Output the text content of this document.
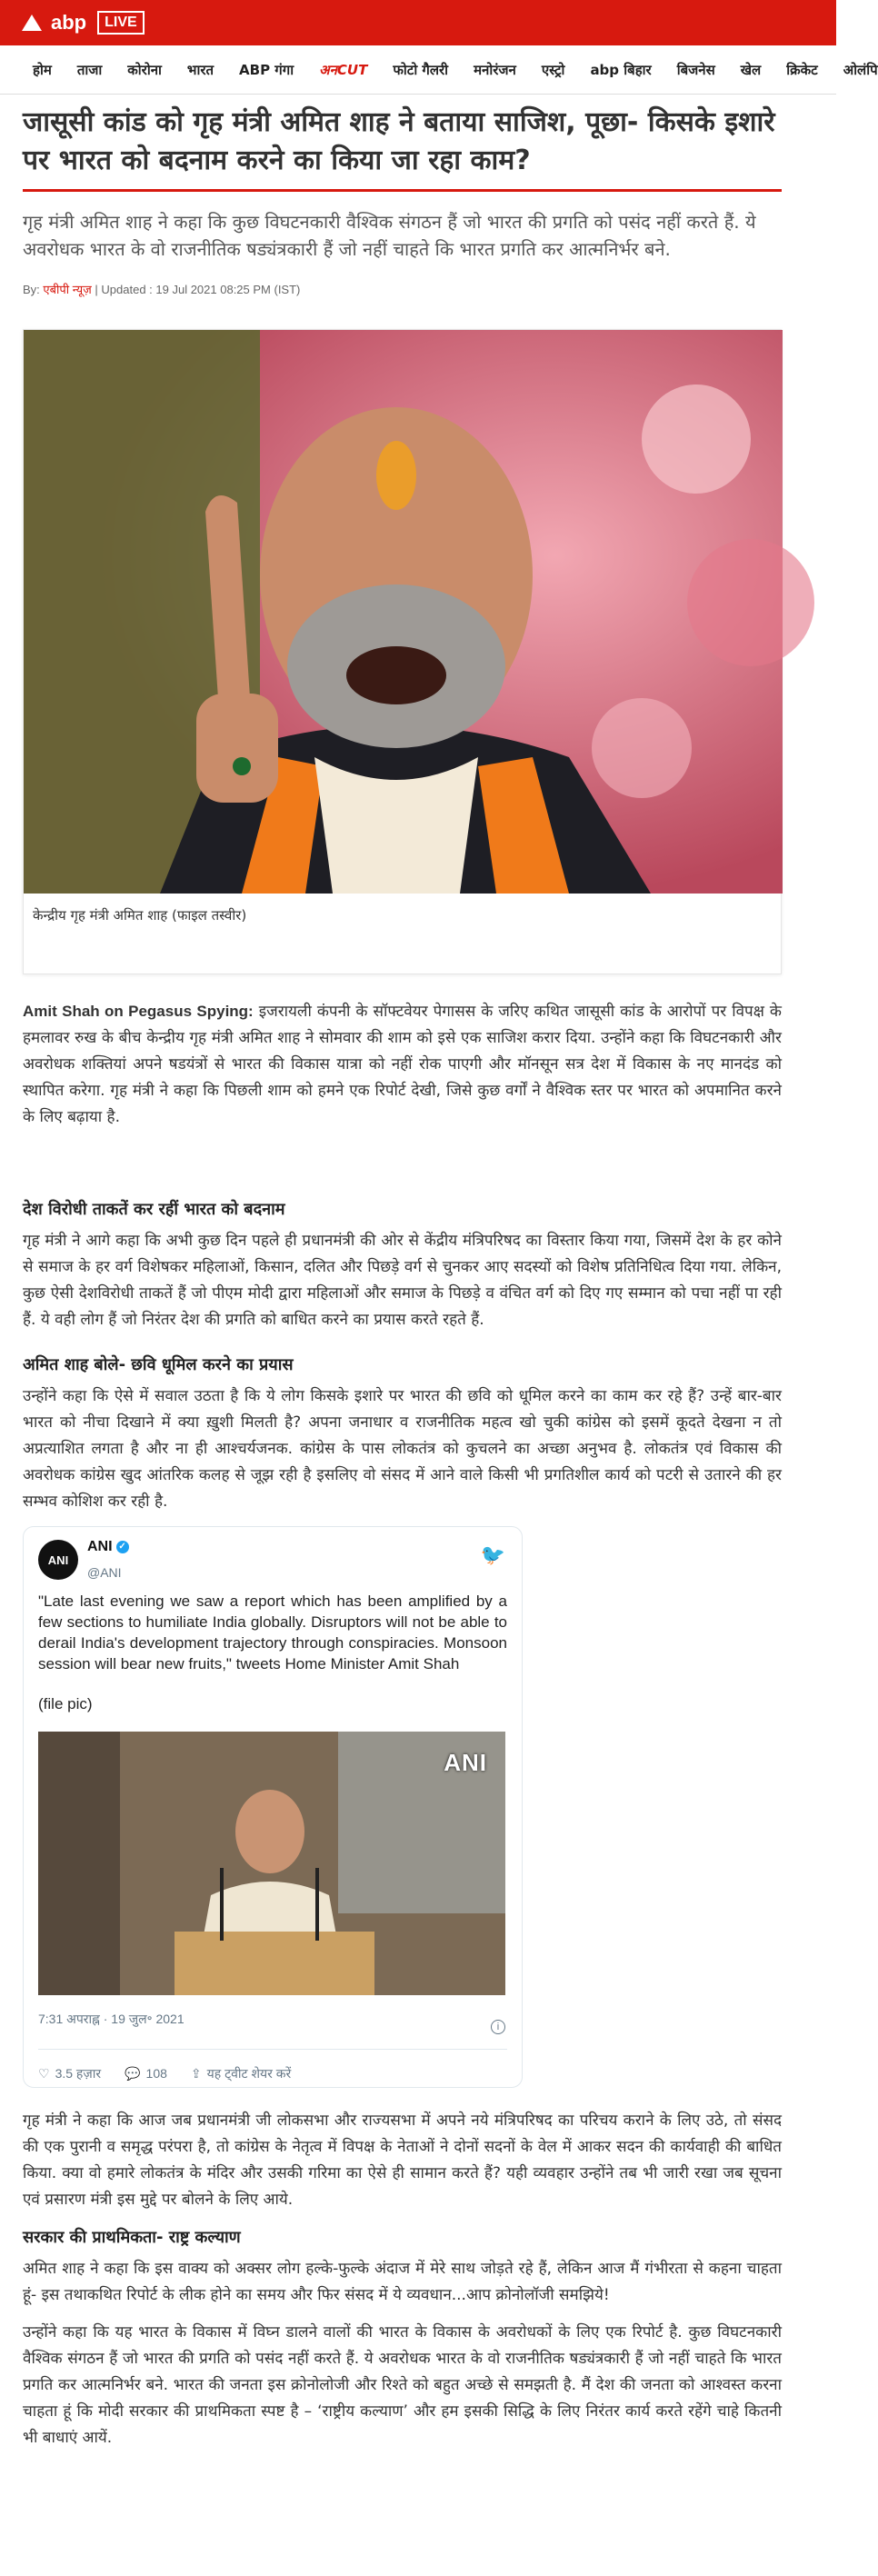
abp	LIVE
होम ताजा कोरोना भारत ABP गंगा अनCUT फोटो गैलरी मनोरंजन एस्ट्रो abp बिहार बिजनेस खेल क्रिकेट ओलंपि
जासूसी कांड को गृह मंत्री अमित शाह ने बताया साजिश, पूछा- किसके इशारे पर भारत को बदनाम करने का किया जा रहा काम?

गृह मंत्री अमित शाह ने कहा कि कुछ विघटनकारी वैश्विक संगठन हैं जो भारत की प्रगति को पसंद नहीं करते हैं. ये अवरोधक भारत के वो राजनीतिक षड्यंत्रकारी हैं जो नहीं चाहते कि भारत प्रगति कर आत्मनिर्भर बने.

By: एबीपी न्यूज़ | Updated : 19 Jul 2021 08:25 PM (IST)
केन्द्रीय गृह मंत्री अमित शाह (फाइल तस्वीर)

Amit Shah on Pegasus Spying: इजरायली कंपनी के सॉफ्टवेयर पेगासस के जरिए कथित जासूसी कांड के आरोपों पर विपक्ष के हमलावर रुख के बीच केन्द्रीय गृह मंत्री अमित शाह ने सोमवार की शाम को इसे एक साजिश करार दिया. उन्होंने कहा कि विघटनकारी और अवरोधक शक्तियां अपने षडयंत्रों से भारत की विकास यात्रा को नहीं रोक पाएगी और मॉनसून सत्र देश में विकास के नए मानदंड को स्थापित करेगा. गृह मंत्री ने कहा कि पिछली शाम को हमने एक रिपोर्ट देखी, जिसे कुछ वर्गों ने वैश्विक स्तर पर भारत को अपमानित करने के लिए बढ़ाया है.

देश विरोधी ताकतें कर रहीं भारत को बदनाम

गृह मंत्री ने आगे कहा कि अभी कुछ दिन पहले ही प्रधानमंत्री की ओर से केंद्रीय मंत्रिपरिषद का विस्तार किया गया, जिसमें देश के हर कोने से समाज के हर वर्ग विशेषकर महिलाओं, किसान, दलित और पिछड़े वर्ग से चुनकर आए सदस्यों को विशेष प्रतिनिधित्व दिया गया. लेकिन, कुछ ऐसी देशविरोधी ताकतें हैं जो पीएम मोदी द्वारा महिलाओं और समाज के पिछड़े व वंचित वर्ग को दिए गए सम्मान को पचा नहीं पा रही हैं. ये वही लोग हैं जो निरंतर देश की प्रगति को बाधित करने का प्रयास करते रहते हैं.

अमित शाह बोले- छवि धूमिल करने का प्रयास

उन्होंने कहा कि ऐसे में सवाल उठता है कि ये लोग किसके इशारे पर भारत की छवि को धूमिल करने का काम कर रहे हैं? उन्हें बार-बार भारत को नीचा दिखाने में क्या ख़ुशी मिलती है? अपना जनाधार व राजनीतिक महत्व खो चुकी कांग्रेस को इसमें कूदते देखना न तो अप्रत्याशित लगता है और ना ही आश्चर्यजनक. कांग्रेस के पास लोकतंत्र को कुचलने का अच्छा अनुभव है. लोकतंत्र एवं विकास की अवरोधक कांग्रेस खुद आंतरिक कलह से जूझ रही है इसलिए वो संसद में आने वाले किसी भी प्रगतिशील कार्य को पटरी से उतारने की हर सम्भव कोशिश कर रही है.

ANI
ANI ✓
@ANI
🐦
"Late last evening we saw a report which has been amplified by a few sections to humiliate India globally. Disruptors will not be able to derail India's development trajectory through conspiracies. Monsoon session will bear new fruits," tweets Home Minister Amit Shah
(file pic)
ANI
7:31 अपराह्न · 19 जुल॰ 2021
i
♡ 3.5 हज़ार 💬 108 ⇪ यह ट्वीट शेयर करें

गृह मंत्री ने कहा कि आज जब प्रधानमंत्री जी लोकसभा और राज्यसभा में अपने नये मंत्रिपरिषद का परिचय कराने के लिए उठे, तो संसद की एक पुरानी व समृद्ध परंपरा है, तो कांग्रेस के नेतृत्व में विपक्ष के नेताओं ने दोनों सदनों के वेल में आकर सदन की कार्यवाही की बाधित किया. क्या वो हमारे लोकतंत्र के मंदिर और उसकी गरिमा का ऐसे ही सामान करते हैं? यही व्यवहार उन्होंने तब भी जारी रखा जब सूचना एवं प्रसारण मंत्री इस मुद्दे पर बोलने के लिए आये.

सरकार की प्राथमिकता- राष्ट्र कल्याण

अमित शाह ने कहा कि इस वाक्य को अक्सर लोग हल्के-फुल्के अंदाज में मेरे साथ जोड़ते रहे हैं, लेकिन आज मैं गंभीरता से कहना चाहता हूं- इस तथाकथित रिपोर्ट के लीक होने का समय और फिर संसद में ये व्यवधान...आप क्रोनोलॉजी समझिये!

उन्होंने कहा कि यह भारत के विकास में विघ्न डालने वालों की भारत के विकास के अवरोधकों के लिए एक रिपोर्ट है. कुछ विघटनकारी वैश्विक संगठन हैं जो भारत की प्रगति को पसंद नहीं करते हैं. ये अवरोधक भारत के वो राजनीतिक षड्यंत्रकारी हैं जो नहीं चाहते कि भारत प्रगति कर आत्मनिर्भर बने. भारत की जनता इस क्रोनोलोजी और रिश्ते को बहुत अच्छे से समझती है. मैं देश की जनता को आश्वस्त करना चाहता हूं कि मोदी सरकार की प्राथमिकता स्पष्ट है – ‘राष्ट्रीय कल्याण’ और हम इसकी सिद्धि के लिए निरंतर कार्य करते रहेंगे चाहे कितनी भी बाधाएं आयें.
